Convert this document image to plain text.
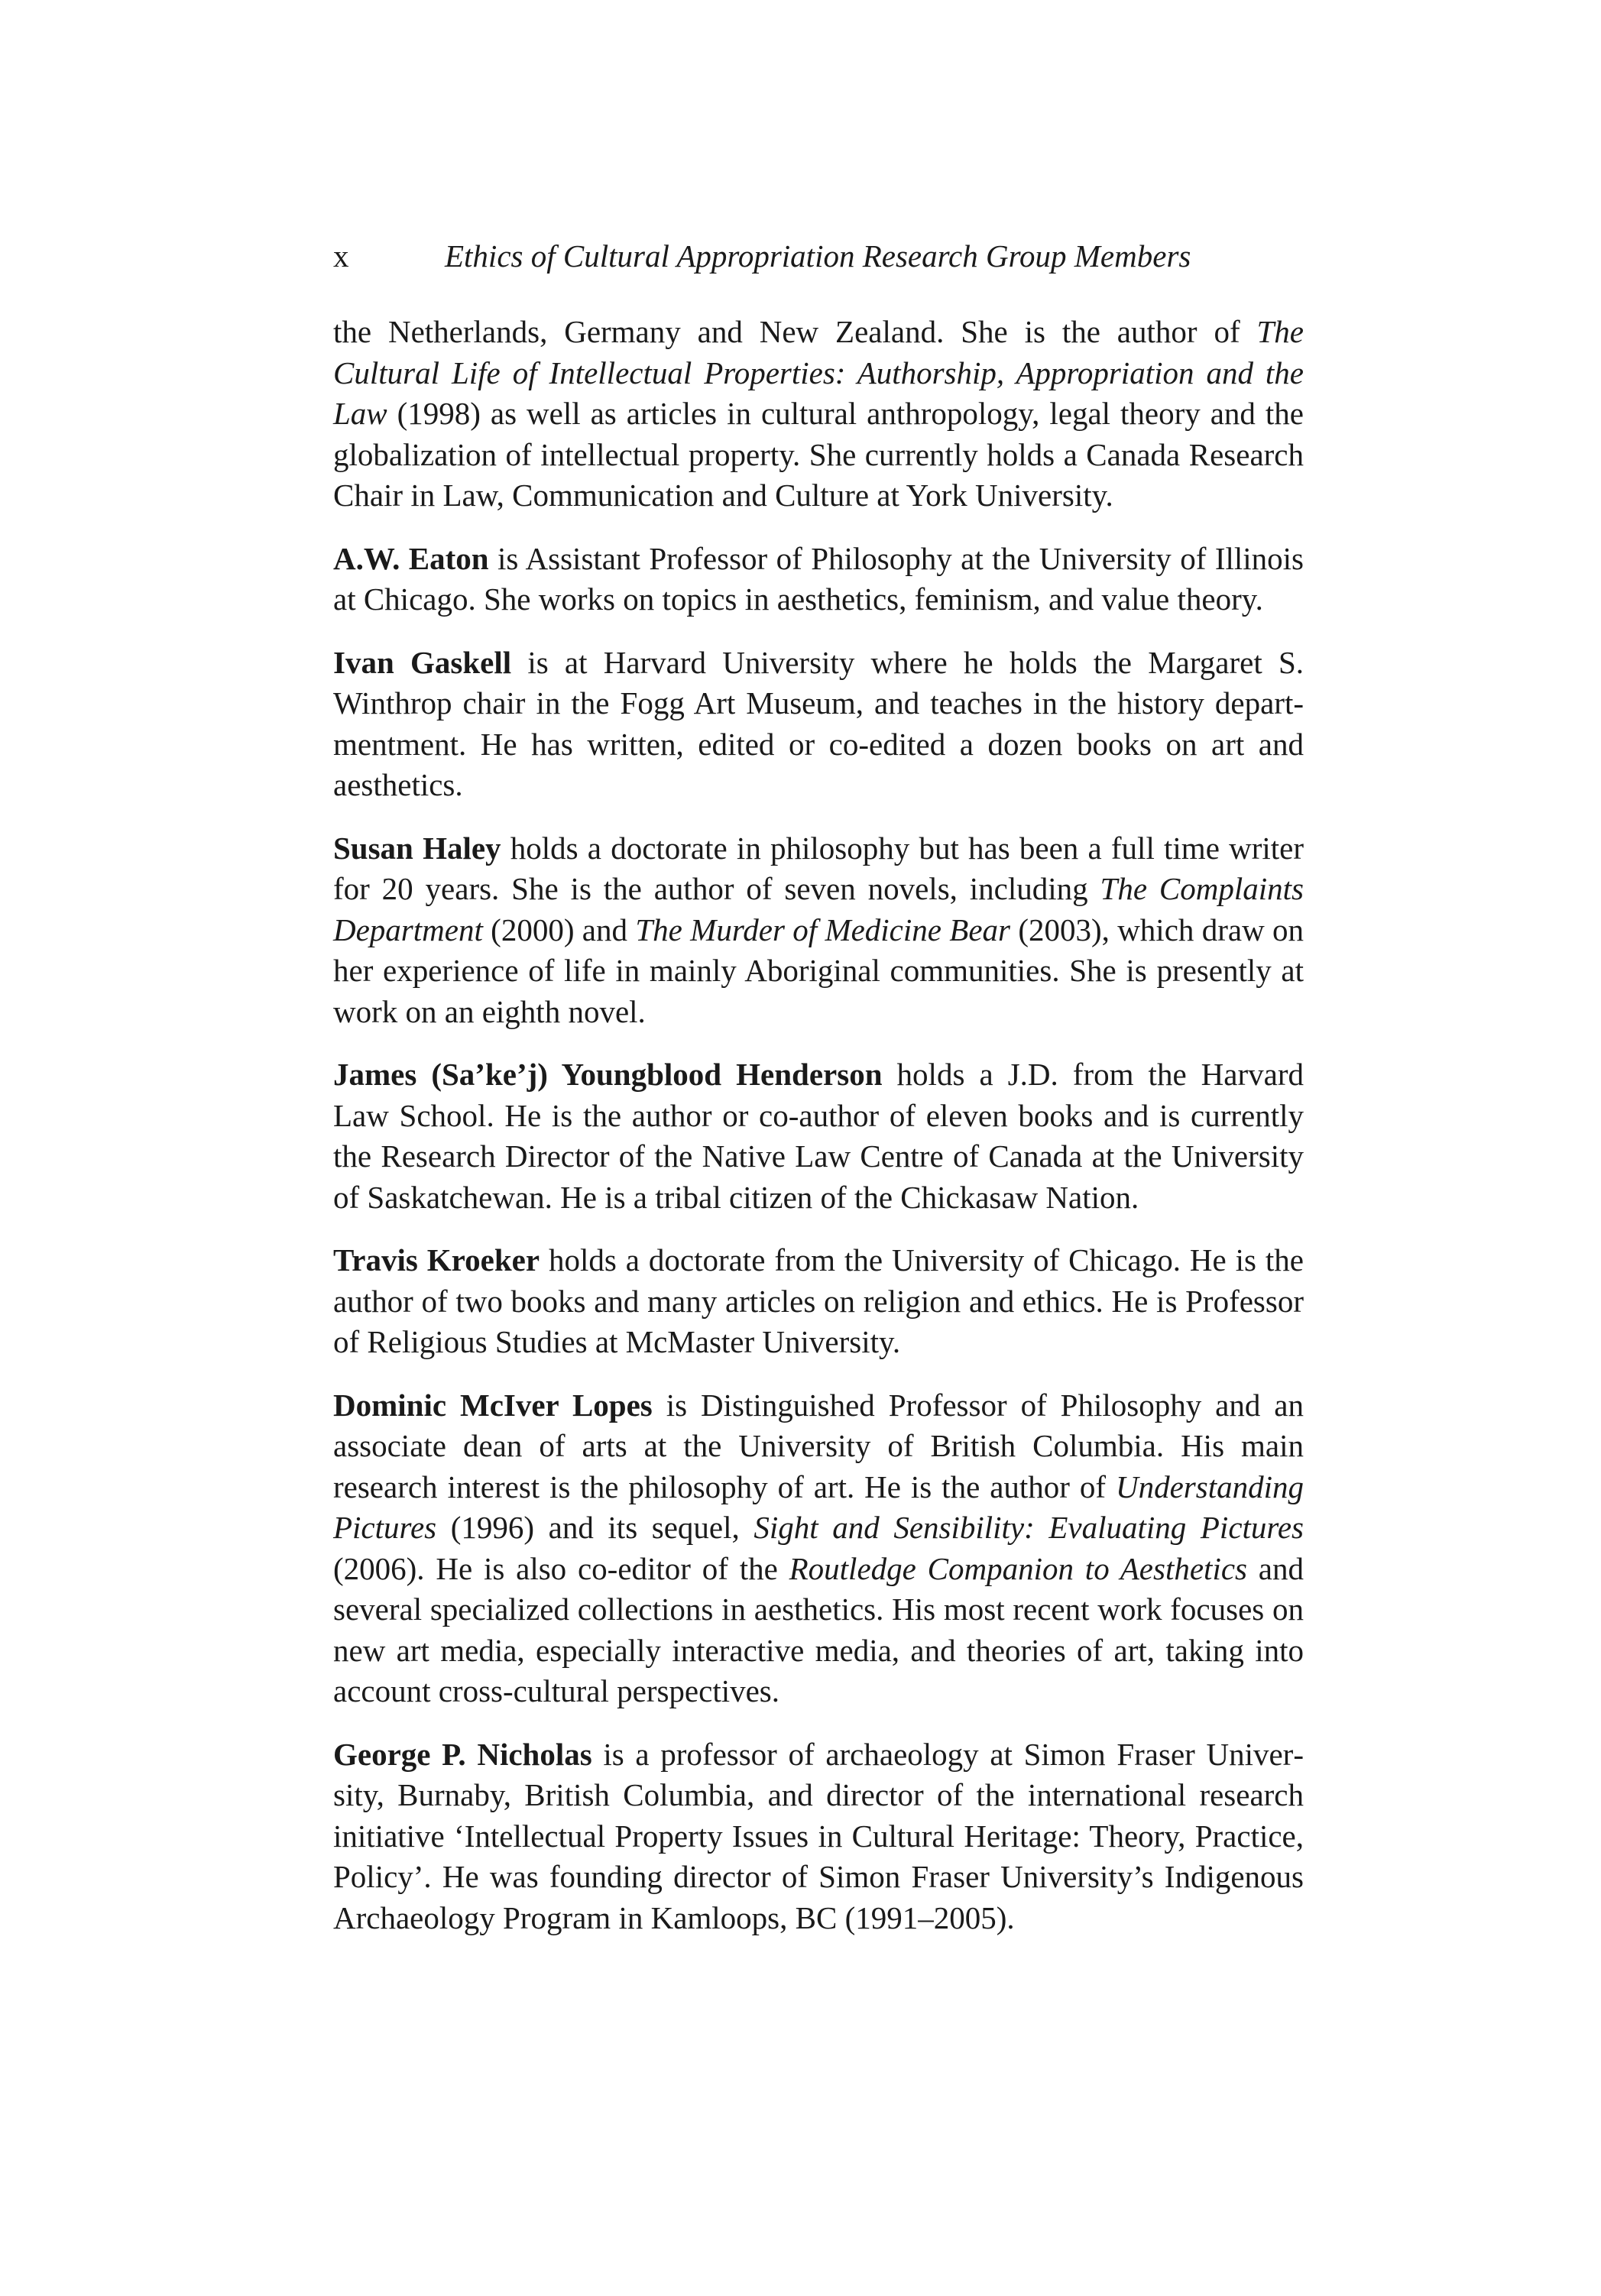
x	Ethics of Cultural Appropriation Research Group Members

the Netherlands, Germany and New Zealand. She is the author of The Cultural Life of Intellectual Properties: Authorship, Appropriation and the Law (1998) as well as articles in cultural anthropology, legal theory and the globalization of intellectual property. She currently holds a Canada Research Chair in Law, Communication and Culture at York University.

A.W. Eaton is Assistant Professor of Philosophy at the University of Illinois at Chicago. She works on topics in aesthetics, feminism, and value theory.

Ivan Gaskell is at Harvard University where he holds the Margaret S. Winthrop chair in the Fogg Art Museum, and teaches in the history departmentment. He has written, edited or co-edited a dozen books on art and aesthetics.

Susan Haley holds a doctorate in philosophy but has been a full time writer for 20 years. She is the author of seven novels, including The Complaints Department (2000) and The Murder of Medicine Bear (2003), which draw on her experience of life in mainly Aboriginal communities. She is presently at work on an eighth novel.

James (Sa’ke’j) Youngblood Henderson holds a J.D. from the Harvard Law School. He is the author or co-author of eleven books and is currently the Research Director of the Native Law Centre of Canada at the University of Saskatchewan. He is a tribal citizen of the Chickasaw Nation.

Travis Kroeker holds a doctorate from the University of Chicago. He is the author of two books and many articles on religion and ethics. He is Professor of Religious Studies at McMaster University.

Dominic McIver Lopes is Distinguished Professor of Philosophy and an associate dean of arts at the University of British Columbia. His main research interest is the philosophy of art. He is the author of Understanding Pictures (1996) and its sequel, Sight and Sensibility: Evaluating Pictures (2006). He is also co-editor of the Routledge Companion to Aesthetics and several specialized collections in aesthetics. His most recent work focuses on new art media, especially interactive media, and theories of art, taking into account cross-cultural perspectives.

George P. Nicholas is a professor of archaeology at Simon Fraser University, Burnaby, British Columbia, and director of the international research initiative ‘Intellectual Property Issues in Cultural Heritage: Theory, Practice, Policy’. He was founding director of Simon Fraser University’s Indigenous Archaeology Program in Kamloops, BC (1991–2005).
